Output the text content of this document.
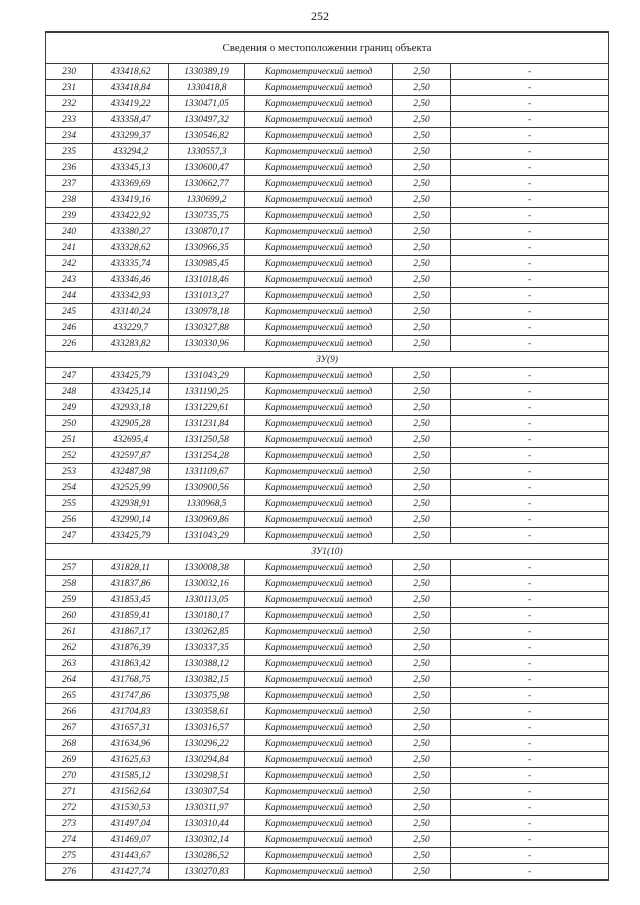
252
Сведения о местоположении границ объекта					
230	433418,62	1330389,19	Картометрический метод	2,50	-
231	433418,84	1330418,8	Картометрический метод	2,50	-
232	433419,22	1330471,05	Картометрический метод	2,50	-
233	433358,47	1330497,32	Картометрический метод	2,50	-
234	433299,37	1330546,82	Картометрический метод	2,50	-
235	433294,2	1330557,3	Картометрический метод	2,50	-
236	433345,13	1330600,47	Картометрический метод	2,50	-
237	433369,69	1330662,77	Картометрический метод	2,50	-
238	433419,16	1330699,2	Картометрический метод	2,50	-
239	433422,92	1330735,75	Картометрический метод	2,50	-
240	433380,27	1330870,17	Картометрический метод	2,50	-
241	433328,62	1330966,35	Картометрический метод	2,50	-
242	433335,74	1330985,45	Картометрический метод	2,50	-
243	433346,46	1331018,46	Картометрический метод	2,50	-
244	433342,93	1331013,27	Картометрический метод	2,50	-
245	433140,24	1330978,18	Картометрический метод	2,50	-
246	433229,7	1330327,88	Картометрический метод	2,50	-
226	433283,82	1330330,96	Картометрический метод	2,50	-
ЗУ(9)					
247	433425,79	1331043,29	Картометрический метод	2,50	-
248	433425,14	1331190,25	Картометрический метод	2,50	-
249	432933,18	1331229,61	Картометрический метод	2,50	-
250	432905,28	1331231,84	Картометрический метод	2,50	-
251	432695,4	1331250,58	Картометрический метод	2,50	-
252	432597,87	1331254,28	Картометрический метод	2,50	-
253	432487,98	1331109,67	Картометрический метод	2,50	-
254	432525,99	1330900,56	Картометрический метод	2,50	-
255	432938,91	1330968,5	Картометрический метод	2,50	-
256	432990,14	1330969,86	Картометрический метод	2,50	-
247	433425,79	1331043,29	Картометрический метод	2,50	-
ЗУ1(10)					
257	431828,11	1330008,38	Картометрический метод	2,50	-
258	431837,86	1330032,16	Картометрический метод	2,50	-
259	431853,45	1330113,05	Картометрический метод	2,50	-
260	431859,41	1330180,17	Картометрический метод	2,50	-
261	431867,17	1330262,85	Картометрический метод	2,50	-
262	431876,39	1330337,35	Картометрический метод	2,50	-
263	431863,42	1330388,12	Картометрический метод	2,50	-
264	431768,75	1330382,15	Картометрический метод	2,50	-
265	431747,86	1330375,98	Картометрический метод	2,50	-
266	431704,83	1330358,61	Картометрический метод	2,50	-
267	431657,31	1330316,57	Картометрический метод	2,50	-
268	431634,96	1330296,22	Картометрический метод	2,50	-
269	431625,63	1330294,84	Картометрический метод	2,50	-
270	431585,12	1330298,51	Картометрический метод	2,50	-
271	431562,64	1330307,54	Картометрический метод	2,50	-
272	431530,53	1330311,97	Картометрический метод	2,50	-
273	431497,04	1330310,44	Картометрический метод	2,50	-
274	431469,07	1330302,14	Картометрический метод	2,50	-
275	431443,67	1330286,52	Картометрический метод	2,50	-
276	431427,74	1330270,83	Картометрический метод	2,50	-
